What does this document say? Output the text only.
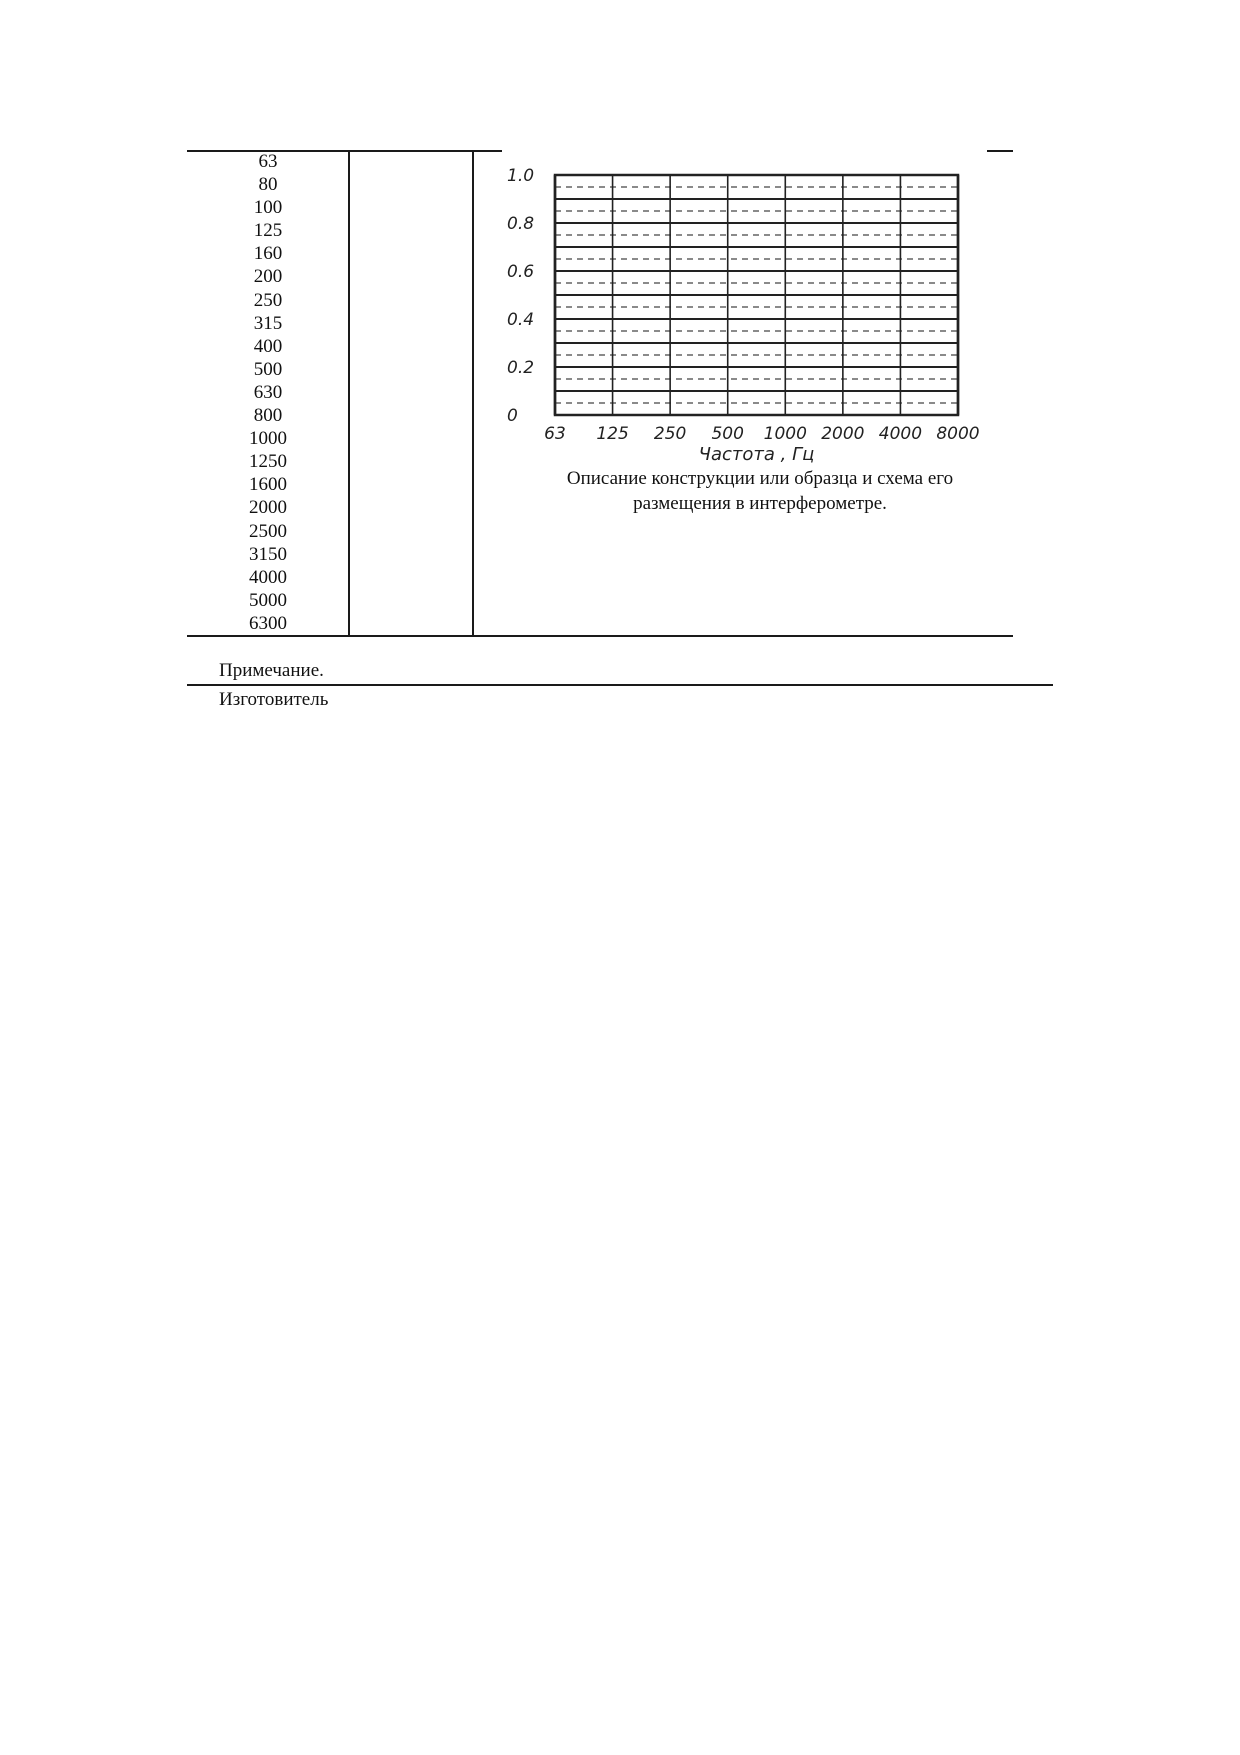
63
80
100
125
160
200
250
315
400
500
630
800
1000
1250
1600
2000
2500
3150
4000
5000
6300
0
0.2
0.4
0.6
0.8
1.0
63 125 250 500 1000 2000 4000 8000
Частота , Гц
Описание конструкции или образца и схема его
размещения в интерферометре.
Примечание.
Изготовитель
